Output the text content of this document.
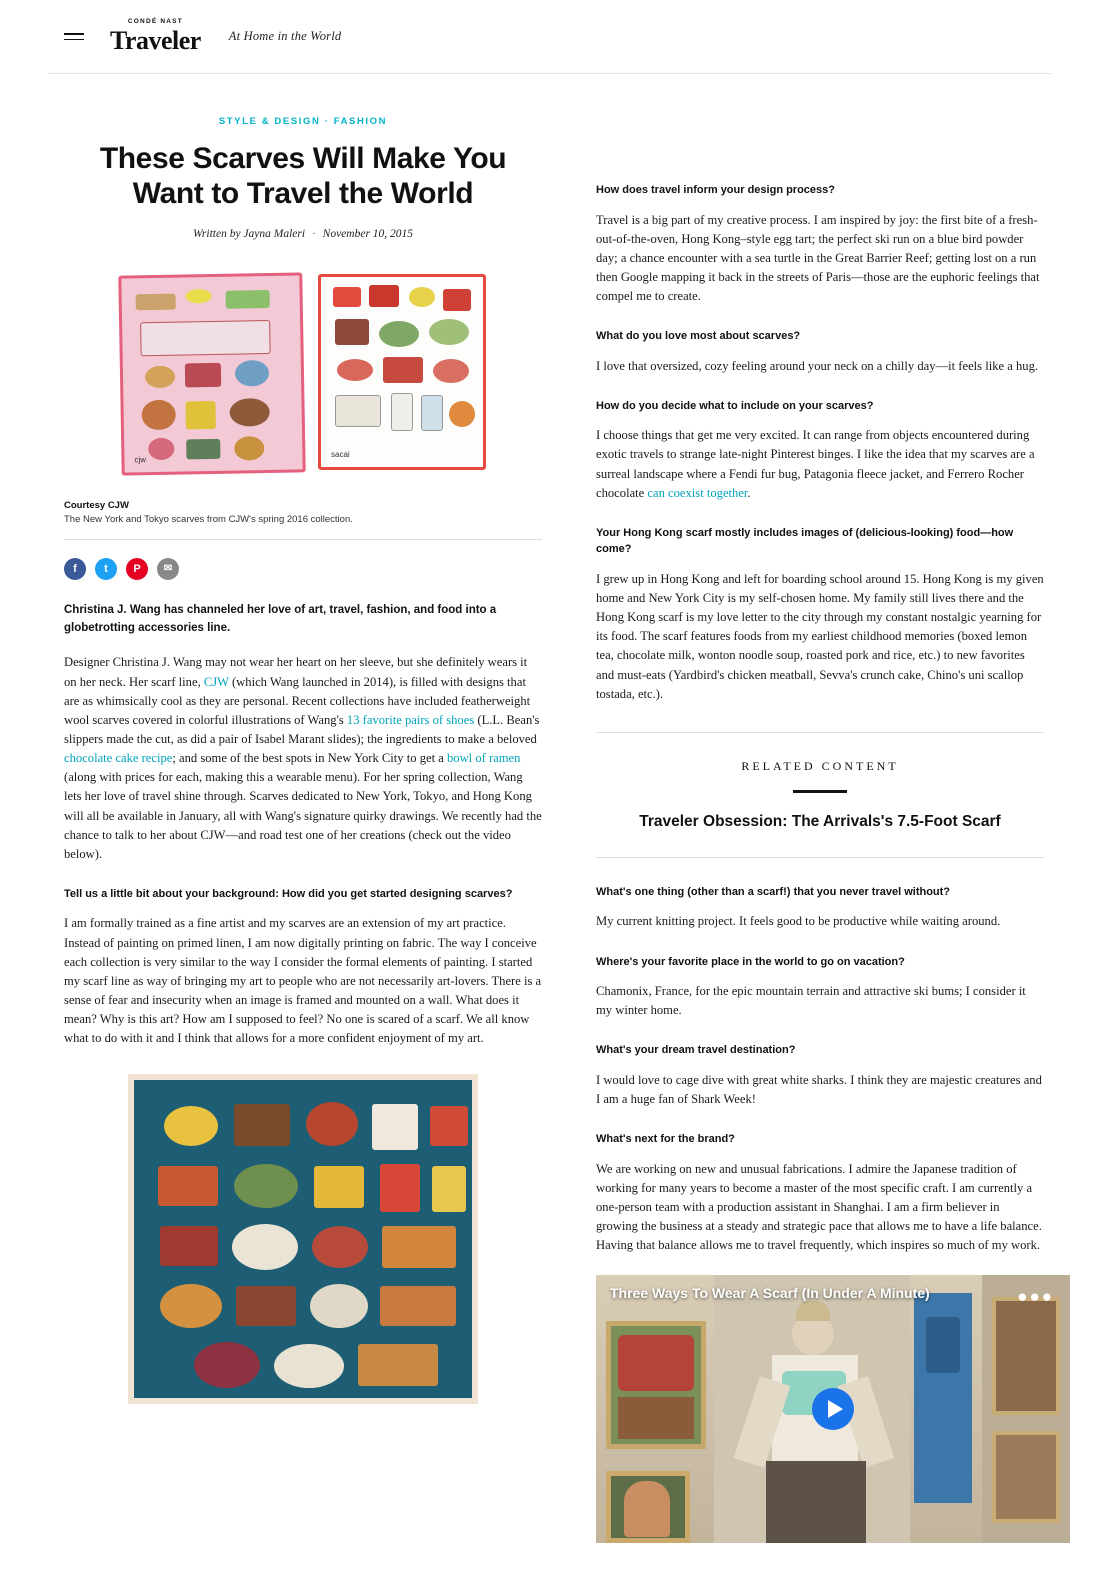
CONDÉ NAST
Traveler At Home in the World
STYLE & DESIGN · FASHION
These Scarves Will Make You Want to Travel the World
Written by Jayna Maleri · November 10, 2015
cjw
sacai
Courtesy CJW
The New York and Tokyo scarves from CJW's spring 2016 collection.
f	t	P	✉
Christina J. Wang has channeled her love of art, travel, fashion, and food into a globetrotting accessories line.

Designer Christina J. Wang may not wear her heart on her sleeve, but she definitely wears it on her neck. Her scarf line, CJW (which Wang launched in 2014), is filled with designs that are as whimsically cool as they are personal. Recent collections have included featherweight wool scarves covered in colorful illustrations of Wang's 13 favorite pairs of shoes (L.L. Bean's slippers made the cut, as did a pair of Isabel Marant slides); the ingredients to make a beloved chocolate cake recipe; and some of the best spots in New York City to get a bowl of ramen (along with prices for each, making this a wearable menu). For her spring collection, Wang lets her love of travel shine through. Scarves dedicated to New York, Tokyo, and Hong Kong will all be available in January, all with Wang's signature quirky drawings. We recently had the chance to talk to her about CJW—and road test one of her creations (check out the video below).

Tell us a little bit about your background: How did you get started designing scarves?

I am formally trained as a fine artist and my scarves are an extension of my art practice. Instead of painting on primed linen, I am now digitally printing on fabric. The way I conceive each collection is very similar to the way I consider the formal elements of painting. I started my scarf line as way of bringing my art to people who are not necessarily art-lovers. There is a sense of fear and insecurity when an image is framed and mounted on a wall. What does it mean? Why is this art? How am I supposed to feel? No one is scared of a scarf. We all know what to do with it and I think that allows for a more confident enjoyment of my art.

How does travel inform your design process?

Travel is a big part of my creative process. I am inspired by joy: the first bite of a fresh-out-of-the-oven, Hong Kong–style egg tart; the perfect ski run on a blue bird powder day; a chance encounter with a sea turtle in the Great Barrier Reef; getting lost on a run then Google mapping it back in the streets of Paris—those are the euphoric feelings that compel me to create.

What do you love most about scarves?

I love that oversized, cozy feeling around your neck on a chilly day—it feels like a hug.

How do you decide what to include on your scarves?

I choose things that get me very excited. It can range from objects encountered during exotic travels to strange late-night Pinterest binges. I like the idea that my scarves are a surreal landscape where a Fendi fur bug, Patagonia fleece jacket, and Ferrero Rocher chocolate can coexist together.

Your Hong Kong scarf mostly includes images of (delicious-looking) food—how come?

I grew up in Hong Kong and left for boarding school around 15. Hong Kong is my given home and New York City is my self-chosen home. My family still lives there and the Hong Kong scarf is my love letter to the city through my constant nostalgic yearning for its food. The scarf features foods from my earliest childhood memories (boxed lemon tea, chocolate milk, wonton noodle soup, roasted pork and rice, etc.) to new favorites and must-eats (Yardbird's chicken meatball, Sevva's crunch cake, Chino's uni scallop tostada, etc.).

RELATED CONTENT
Traveler Obsession: The Arrivals's 7.5-Foot Scarf
What's one thing (other than a scarf!) that you never travel without?

My current knitting project. It feels good to be productive while waiting around.

Where's your favorite place in the world to go on vacation?

Chamonix, France, for the epic mountain terrain and attractive ski bums; I consider it my winter home.

What's your dream travel destination?

I would love to cage dive with great white sharks. I think they are majestic creatures and I am a huge fan of Shark Week!

What's next for the brand?

We are working on new and unusual fabrications. I admire the Japanese tradition of working for many years to become a master of the most specific craft. I am currently a one-person team with a production assistant in Shanghai. I am a firm believer in growing the business at a steady and strategic pace that allows me to have a life balance. Having that balance allows me to travel frequently, which inspires so much of my work.

Three Ways To Wear A Scarf (In Under A Minute)	●●●
